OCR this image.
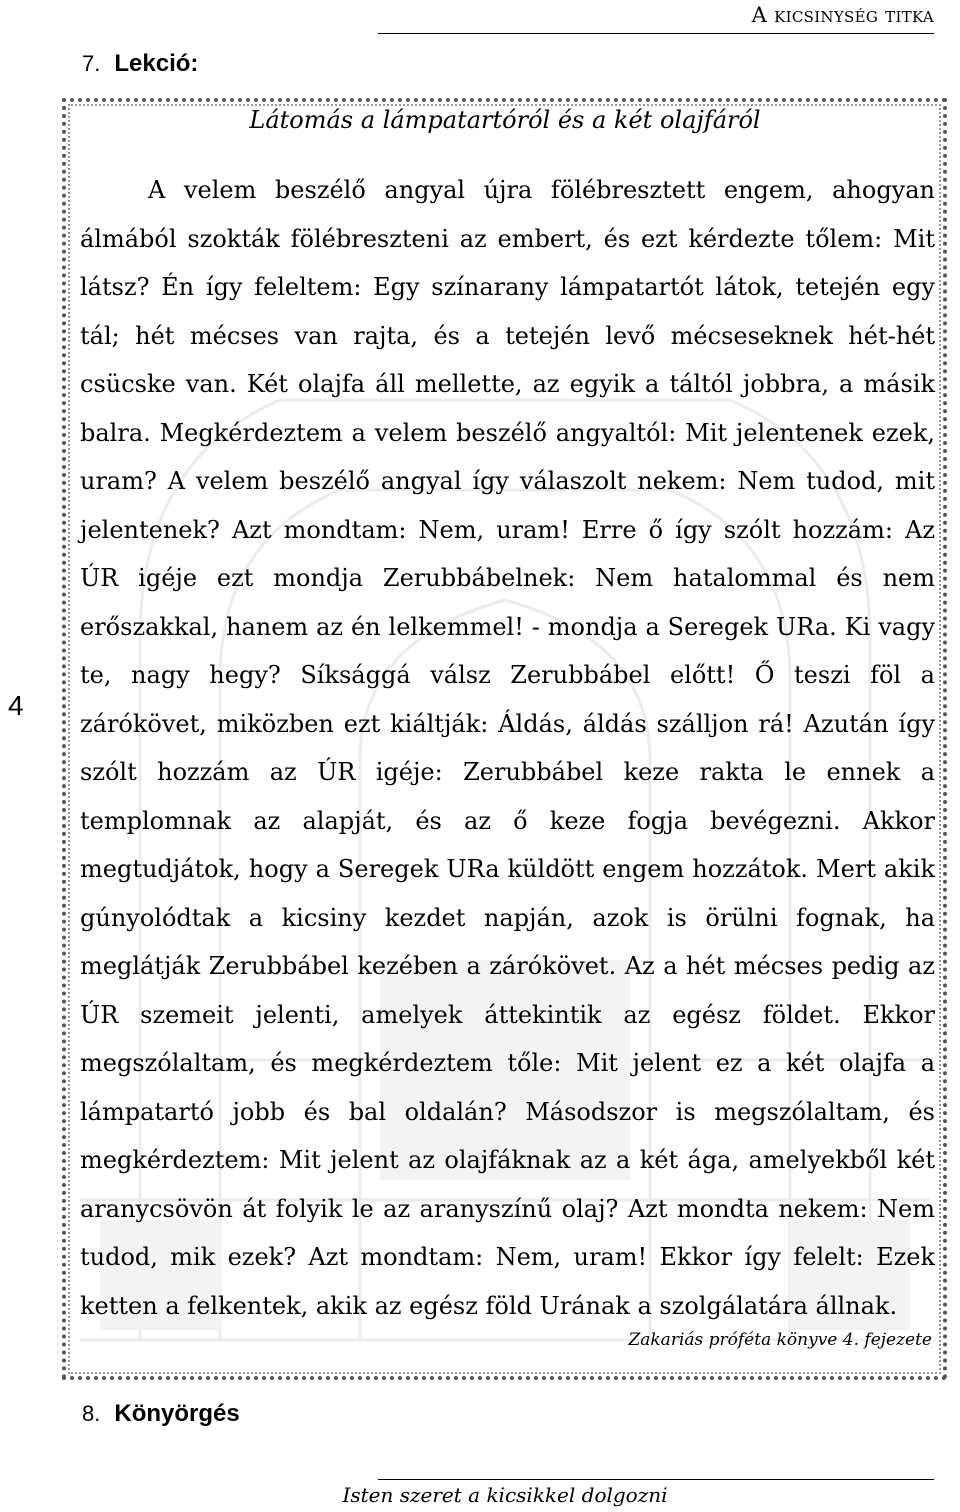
A kicsinység titka
7. Lekció:
Látomás a lámpatartóról és a két olajfáról

A velem beszélő angyal újra fölébresztett engem, ahogyan álmából szokták fölébreszteni az embert, és ezt kérdezte tőlem: Mit látsz? Én így feleltem: Egy színarany lámpatartót látok, tetején egy tál; hét mécses van rajta, és a tetején levő mécseseknek hét-hét csücske van. Két olajfa áll mellette, az egyik a táltól jobbra, a másik balra. Megkérdeztem a velem beszélő angyaltól: Mit jelentenek ezek, uram? A velem beszélő angyal így válaszolt nekem: Nem tudod, mit jelentenek? Azt mondtam: Nem, uram! Erre ő így szólt hozzám: Az ÚR igéje ezt mondja Zerubbábelnek: Nem hatalommal és nem erőszakkal, hanem az én lelkemmel! - mondja a Seregek URa. Ki vagy te, nagy hegy? Síksággá válsz Zerubbábel előtt! Ő teszi föl a zárókövet, miközben ezt kiáltják: Áldás, áldás szálljon rá! Azután így szólt hozzám az ÚR igéje: Zerubbábel keze rakta le ennek a templomnak az alapját, és az ő keze fogja bevégezni. Akkor megtudjátok, hogy a Seregek URa küldött engem hozzátok. Mert akik gúnyolódtak a kicsiny kezdet napján, azok is örülni fognak, ha meglátják Zerubbábel kezében a zárókövet. Az a hét mécses pedig az ÚR szemeit jelenti, amelyek áttekintik az egész földet. Ekkor megszólaltam, és megkérdeztem tőle: Mit jelent ez a két olajfa a lámpatartó jobb és bal oldalán? Másodszor is megszólaltam, és megkérdeztem: Mit jelent az olajfáknak az a két ága, amelyekből két aranycsövön át folyik le az aranyszínű olaj? Azt mondta nekem: Nem tudod, mik ezek? Azt mondtam: Nem, uram! Ekkor így felelt: Ezek ketten a felkentek, akik az egész föld Urának a szolgálatára állnak.

Zakariás próféta könyve 4. fejezete
4
8. Könyörgés
Isten szeret a kicsikkel dolgozni
